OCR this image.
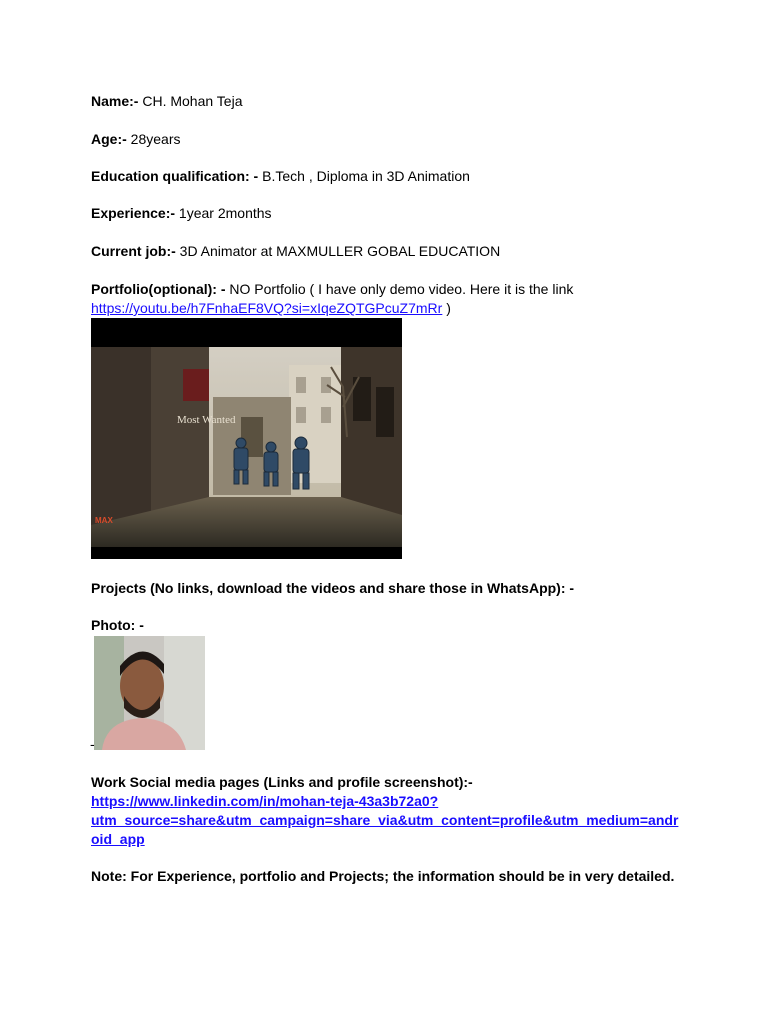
Name:- CH. Mohan Teja
Age:- 28years
Education qualification: - B.Tech , Diploma in 3D Animation
Experience:- 1year 2months
Current job:- 3D Animator at MAXMULLER GOBAL EDUCATION
Portfolio(optional): - NO Portfolio ( I have only demo video. Here it is the link
https://youtu.be/h7FnhaEF8VQ?si=xIqeZQTGPcuZ7mRr )
Most Wanted
MAX
Projects (No links, download the videos and share those in WhatsApp): -
Photo: -
-
Work Social media pages (Links and profile screenshot):-
https://www.linkedin.com/in/mohan-teja-43a3b72a0?
utm_source=share&utm_campaign=share_via&utm_content=profile&utm_medium=andr
oid_app
Note: For Experience, portfolio and Projects; the information should be in very detailed.
